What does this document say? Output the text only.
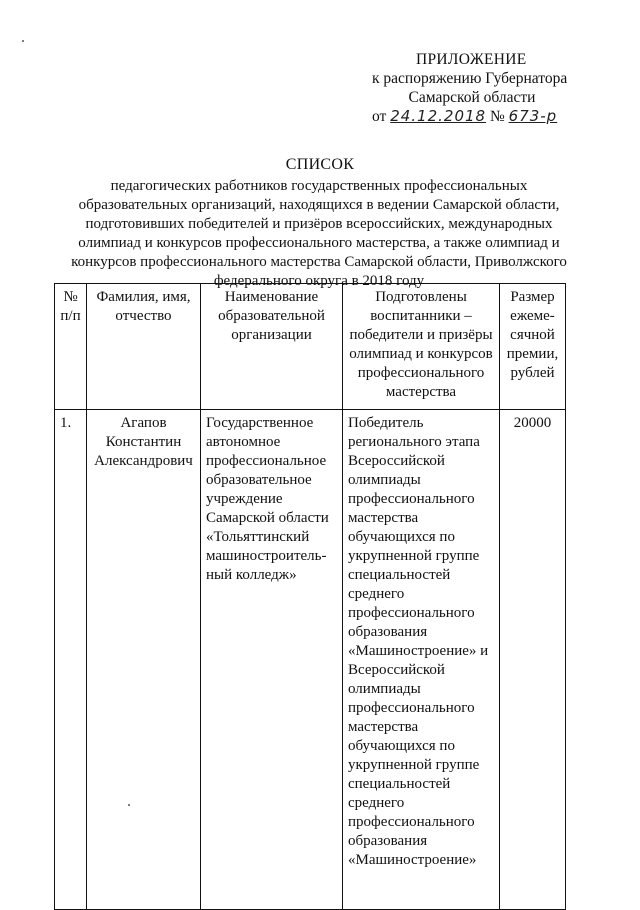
ПРИЛОЖЕНИЕ
к распоряжению Губернатора
Самарской области
от 24.12.2018 № 673-р
СПИСОК
педагогических работников государственных профессиональных образовательных организаций, находящихся в ведении Самарской области, подготовивших победителей и призёров всероссийских, международных олимпиад и конкурсов профессионального мастерства, а также олимпиад и конкурсов профессионального мастерства Самарской области, Приволжского федерального округа в 2018 году
№ п/п	Фамилия, имя, отчество	Наименование образовательной организации	Подготовлены воспитанники – победители и призёры олимпиад и конкурсов профессионального мастерства	Размер ежеме-сячной премии, рублей
1.	Агапов Константин Александрович	Государственное автономное профессиональное образовательное учреждение Самарской области «Тольяттинский машиностроитель-ный колледж»	Победитель регионального этапа Всероссийской олимпиады профессионального мастерства обучающихся по укрупненной группе специальностей среднего профессионального образования «Машиностроение» и Всероссийской олимпиады профессионального мастерства обучающихся по укрупненной группе специальностей среднего профессионального образования «Машиностроение»	20000
